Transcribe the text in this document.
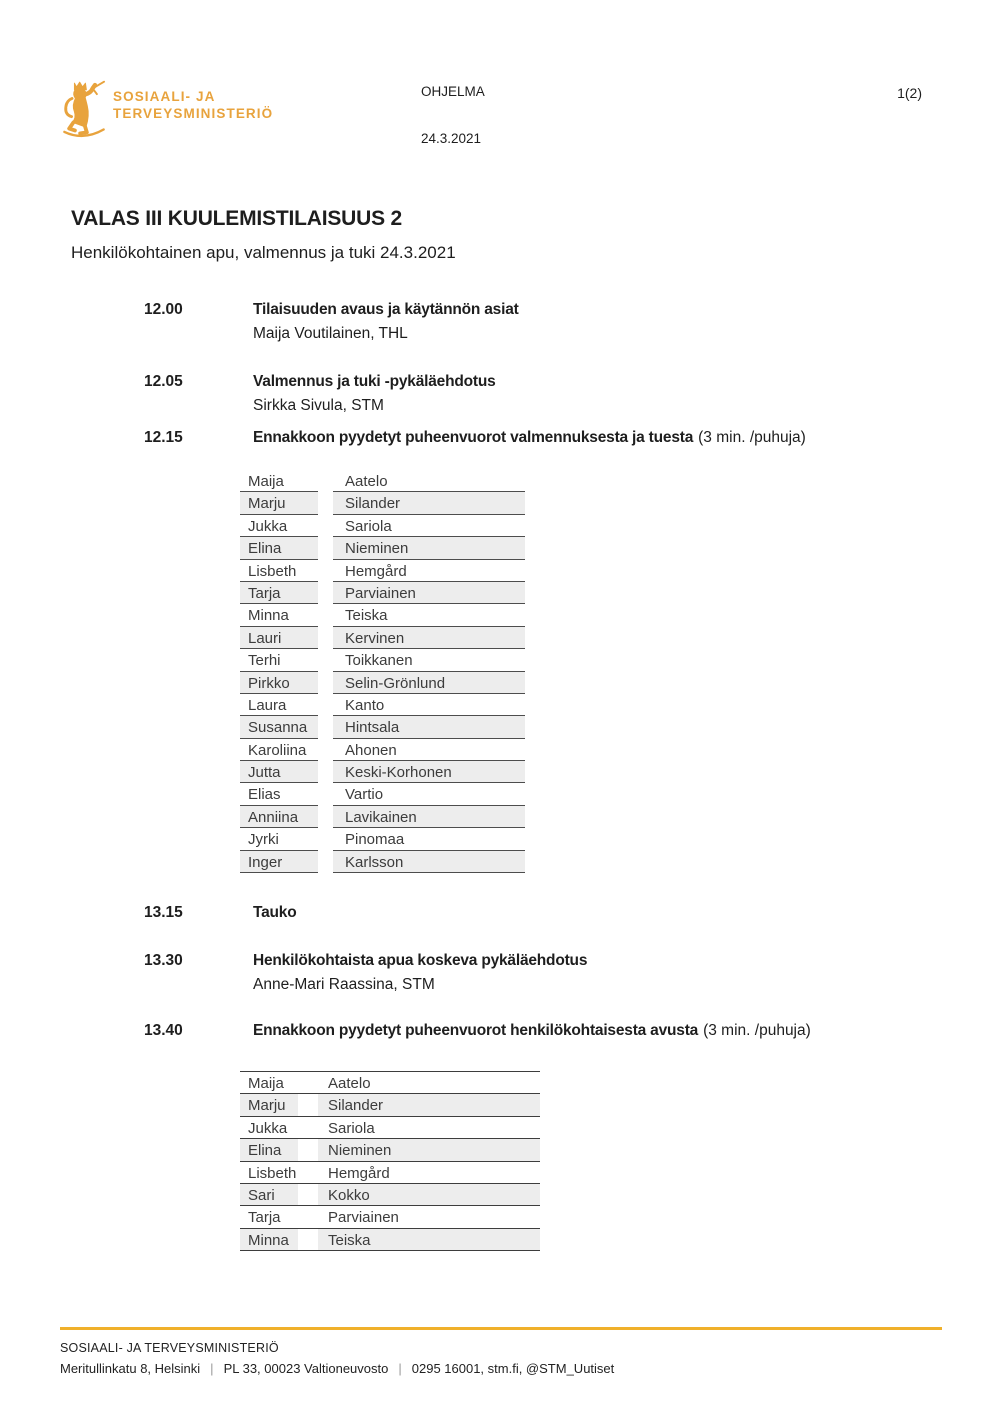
SOSIAALI- JA
TERVEYSMINISTERIÖ
OHJELMA
24.3.2021
1(2)
VALAS III KUULEMISTILAISUUS 2
Henkilökohtainen apu, valmennus ja tuki 24.3.2021
12.00	Tilaisuuden avaus ja käytännön asiat
Maija Voutilainen, THL
12.05	Valmennus ja tuki -pykäläehdotus
Sirkka Sivula, STM
12.15	Ennakkoon pyydetyt puheenvuorot valmennuksesta ja tuesta (3 min. /puhuja)
Maija	Aatelo
Marju	Silander
Jukka	Sariola
Elina	Nieminen
Lisbeth	Hemgård
Tarja	Parviainen
Minna	Teiska
Lauri	Kervinen
Terhi	Toikkanen
Pirkko	Selin-Grönlund
Laura	Kanto
Susanna	Hintsala
Karoliina	Ahonen
Jutta	Keski-Korhonen
Elias	Vartio
Anniina	Lavikainen
Jyrki	Pinomaa
Inger	Karlsson
13.15	Tauko
13.30	Henkilökohtaista apua koskeva pykäläehdotus
Anne-Mari Raassina, STM
13.40	Ennakkoon pyydetyt puheenvuorot henkilökohtaisesta avusta (3 min. /puhuja)
Maija	Aatelo
Marju	Silander
Jukka	Sariola
Elina	Nieminen
Lisbeth	Hemgård
Sari	Kokko
Tarja	Parviainen
Minna	Teiska
SOSIAALI- JA TERVEYSMINISTERIÖ
Meritullinkatu 8, Helsinki | PL 33, 00023 Valtioneuvosto | 0295 16001, stm.fi, @STM_Uutiset
